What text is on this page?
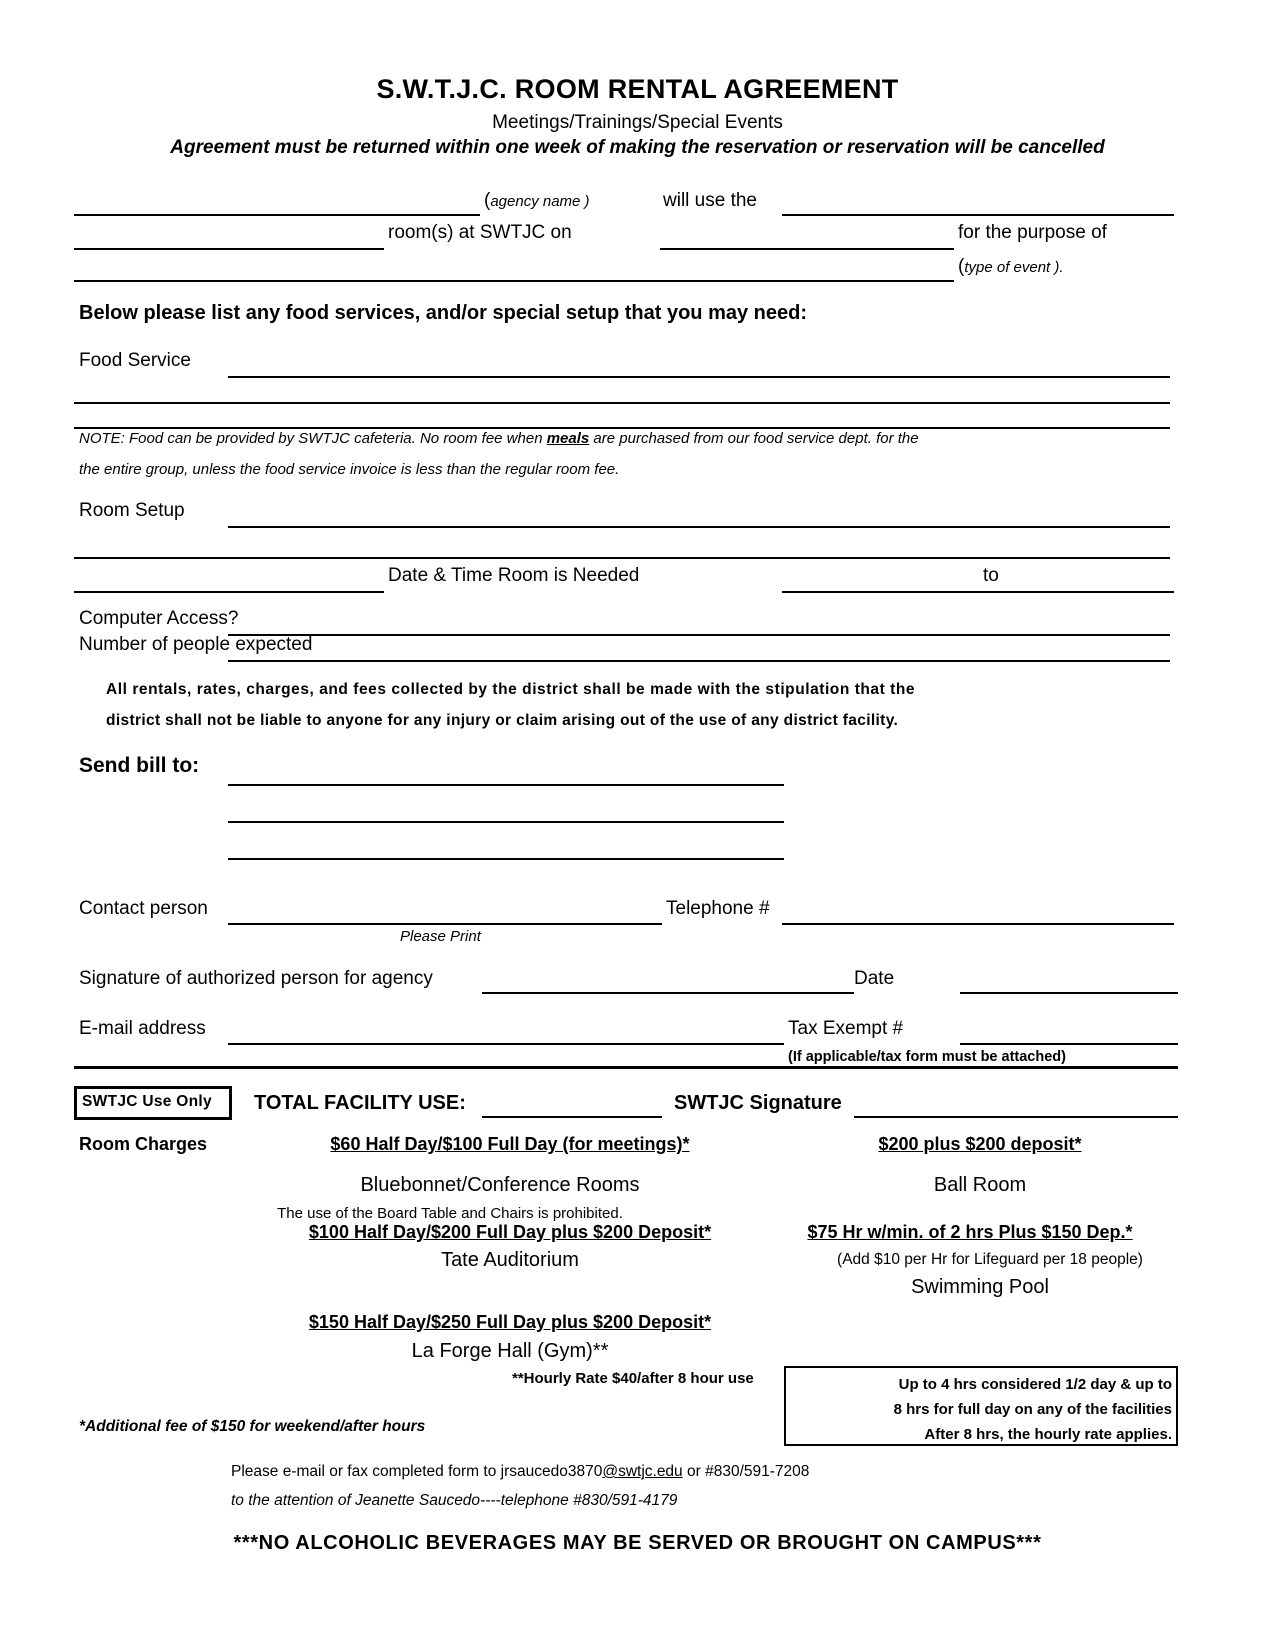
S.W.T.J.C. ROOM RENTAL AGREEMENT
Meetings/Trainings/Special Events
Agreement must be returned within one week of making the reservation or reservation will be cancelled
(agency name )	will use the
room(s) at SWTJC on	for the purpose of
(type of event ).
Below please list any food services, and/or special setup that you may need:
Food Service
NOTE: Food can be provided by SWTJC cafeteria. No room fee when meals are purchased from our food service dept. for the
the entire group, unless the food service invoice is less than the regular room fee.
Room Setup
Date & Time Room is Needed	to
Computer Access?
Number of people expected
All rentals, rates, charges, and fees collected by the district shall be made with the stipulation that the
district shall not be liable to anyone for any injury or claim arising out of the use of any district facility.
Send bill to:
Contact person	Telephone #
Please Print
Signature of authorized person for agency	Date
E-mail address	Tax Exempt #
(If applicable/tax form must be attached)
SWTJC Use Only TOTAL FACILITY USE:	SWTJC Signature
Room Charges	$60 Half Day/$100 Full Day (for meetings)*
Bluebonnet/Conference Rooms
The use of the Board Table and Chairs is prohibited.
$200 plus $200 deposit*
Ball Room
$100 Half Day/$200 Full Day plus $200 Deposit*
Tate Auditorium
$75 Hr w/min. of 2 hrs Plus $150 Dep.*
(Add $10 per Hr for Lifeguard per 18 people)
Swimming Pool
$150 Half Day/$250 Full Day plus $200 Deposit*
La Forge Hall (Gym)**
**Hourly Rate $40/after 8 hour use	Up to 4 hrs considered 1/2 day & up to
8 hrs for full day on any of the facilities
After 8 hrs, the hourly rate applies.
*Additional fee of $150 for weekend/after hours
Please e-mail or fax completed form to jrsaucedo3870@swtjc.edu or #830/591-7208
to the attention of Jeanette Saucedo----telephone #830/591-4179
***NO ALCOHOLIC BEVERAGES MAY BE SERVED OR BROUGHT ON CAMPUS***
